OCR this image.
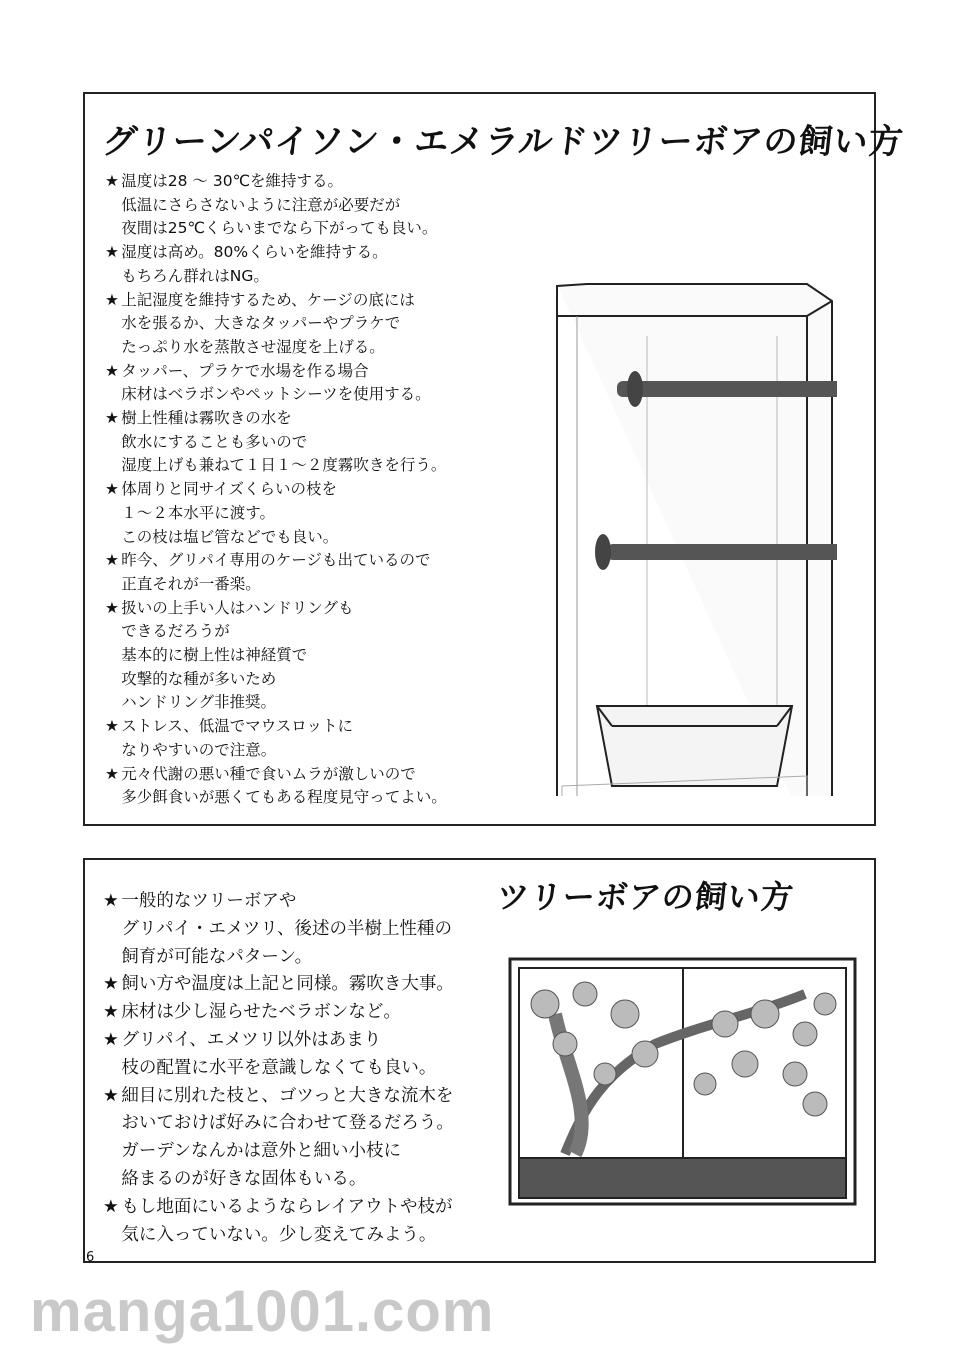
グリーンパイソン・エメラルドツリーボアの飼い方
★ 温度は28 ～ 30℃を維持する。
低温にさらさないように注意が必要だが
夜間は25℃くらいまでなら下がっても良い。
★ 湿度は高め。80%くらいを維持する。
もちろん群れはNG。
★ 上記湿度を維持するため、ケージの底には
水を張るか、大きなタッパーやプラケで
たっぷり水を蒸散させ湿度を上げる。
★ タッパー、プラケで水場を作る場合
床材はベラボンやペットシーツを使用する。
★ 樹上性種は霧吹きの水を
飲水にすることも多いので
湿度上げも兼ねて１日１～２度霧吹きを行う。
★ 体周りと同サイズくらいの枝を
１～２本水平に渡す。
この枝は塩ビ管などでも良い。
★ 昨今、グリパイ専用のケージも出ているので
正直それが一番楽。
★ 扱いの上手い人はハンドリングも
できるだろうが
基本的に樹上性は神経質で
攻撃的な種が多いため
ハンドリング非推奨。
★ ストレス、低温でマウスロットに
なりやすいので注意。
★ 元々代謝の悪い種で食いムラが激しいので
多少餌食いが悪くてもある程度見守ってよい。
ツリーボアの飼い方
★ 一般的なツリーボアや
グリパイ・エメツリ、後述の半樹上性種の
飼育が可能なパターン。
★ 飼い方や温度は上記と同様。霧吹き大事。
★ 床材は少し湿らせたベラボンなど。
★ グリパイ、エメツリ以外はあまり
枝の配置に水平を意識しなくても良い。
★ 細目に別れた枝と、ゴツっと大きな流木を
おいておけば好みに合わせて登るだろう。
ガーデンなんかは意外と細い小枝に
絡まるのが好きな固体もいる。
★ もし地面にいるようならレイアウトや枝が
気に入っていない。少し変えてみよう。
6
manga1001.com
